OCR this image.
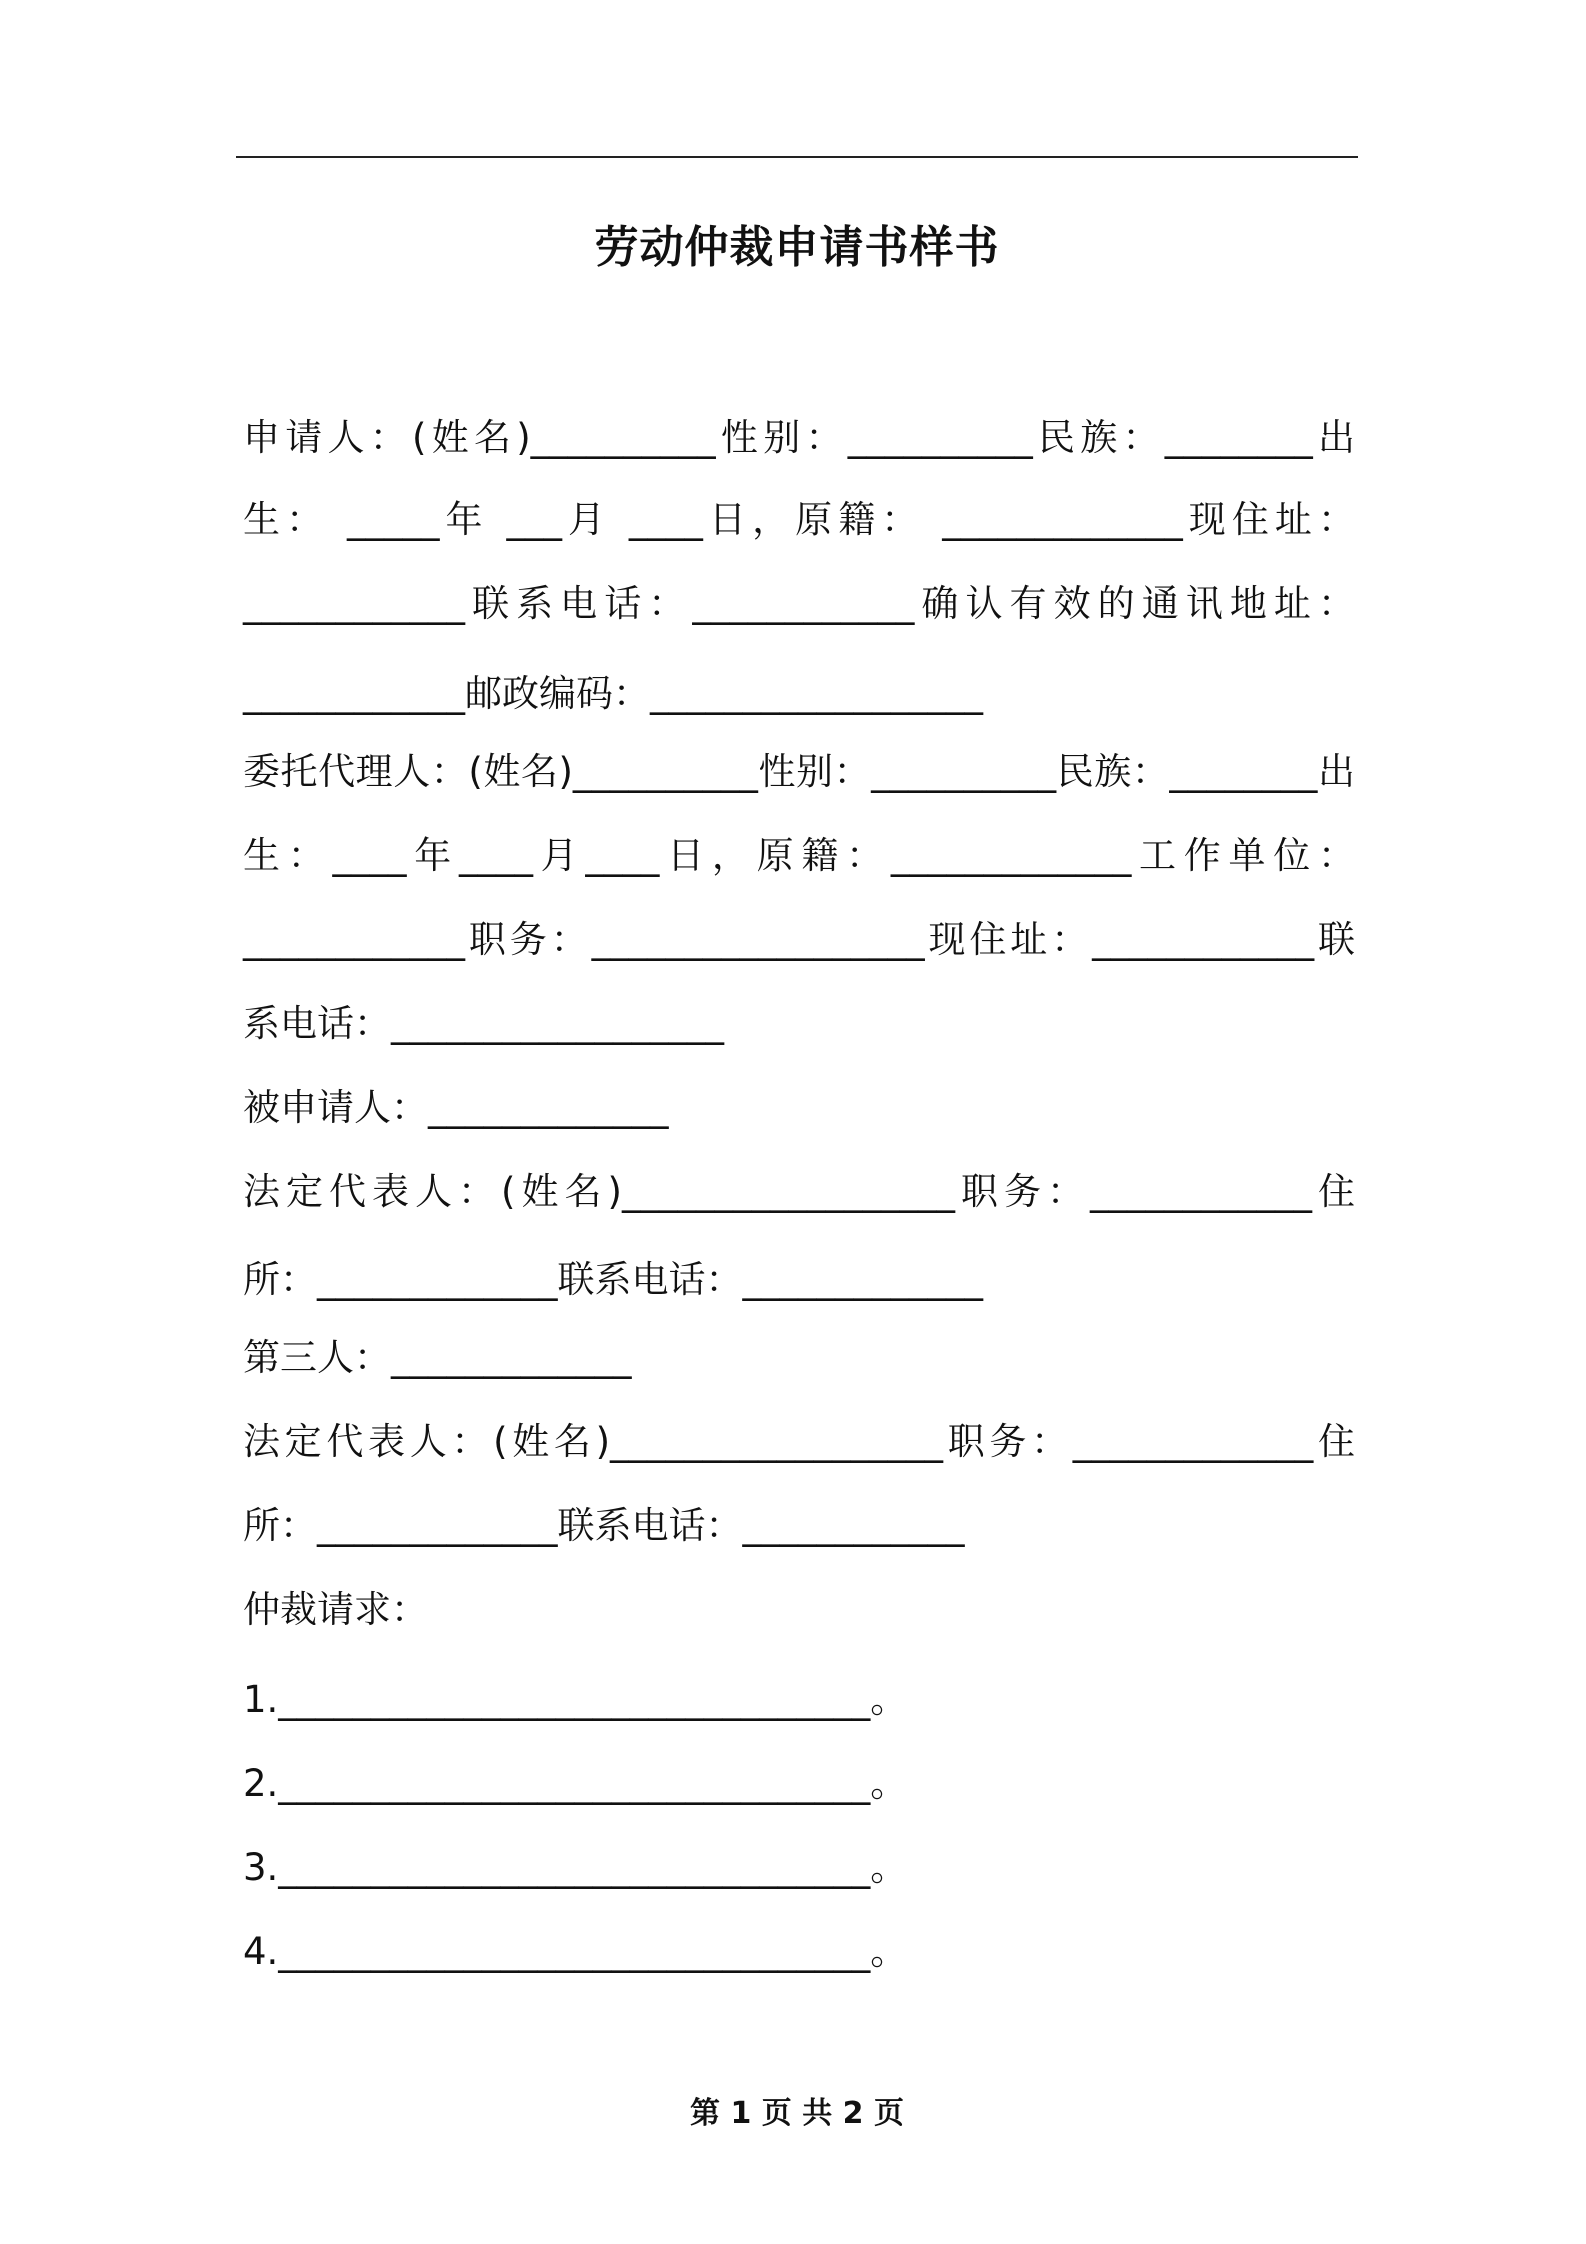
劳动仲裁申请书样书
申请人：(姓名)__________性别：__________民族：________出
生： _____年 ___月 ____日，原籍： _____________现住址：
____________联系电话：____________确认有效的通讯地址：
____________邮政编码：__________________
委托代理人：(姓名)__________性别：__________民族：________出
生：____年____月____日，原籍：_____________工作单位：
____________职务：__________________现住址：____________联
系电话：__________________
被申请人：_____________
法定代表人：(姓名)__________________职务：____________住
所：_____________联系电话：_____________
第三人：_____________
法定代表人：(姓名)__________________职务：_____________住
所：_____________联系电话：____________
仲裁请求：
1.________________________________。
2.________________________________。
3.________________________________。
4.________________________________。
第 1 页 共 2 页
